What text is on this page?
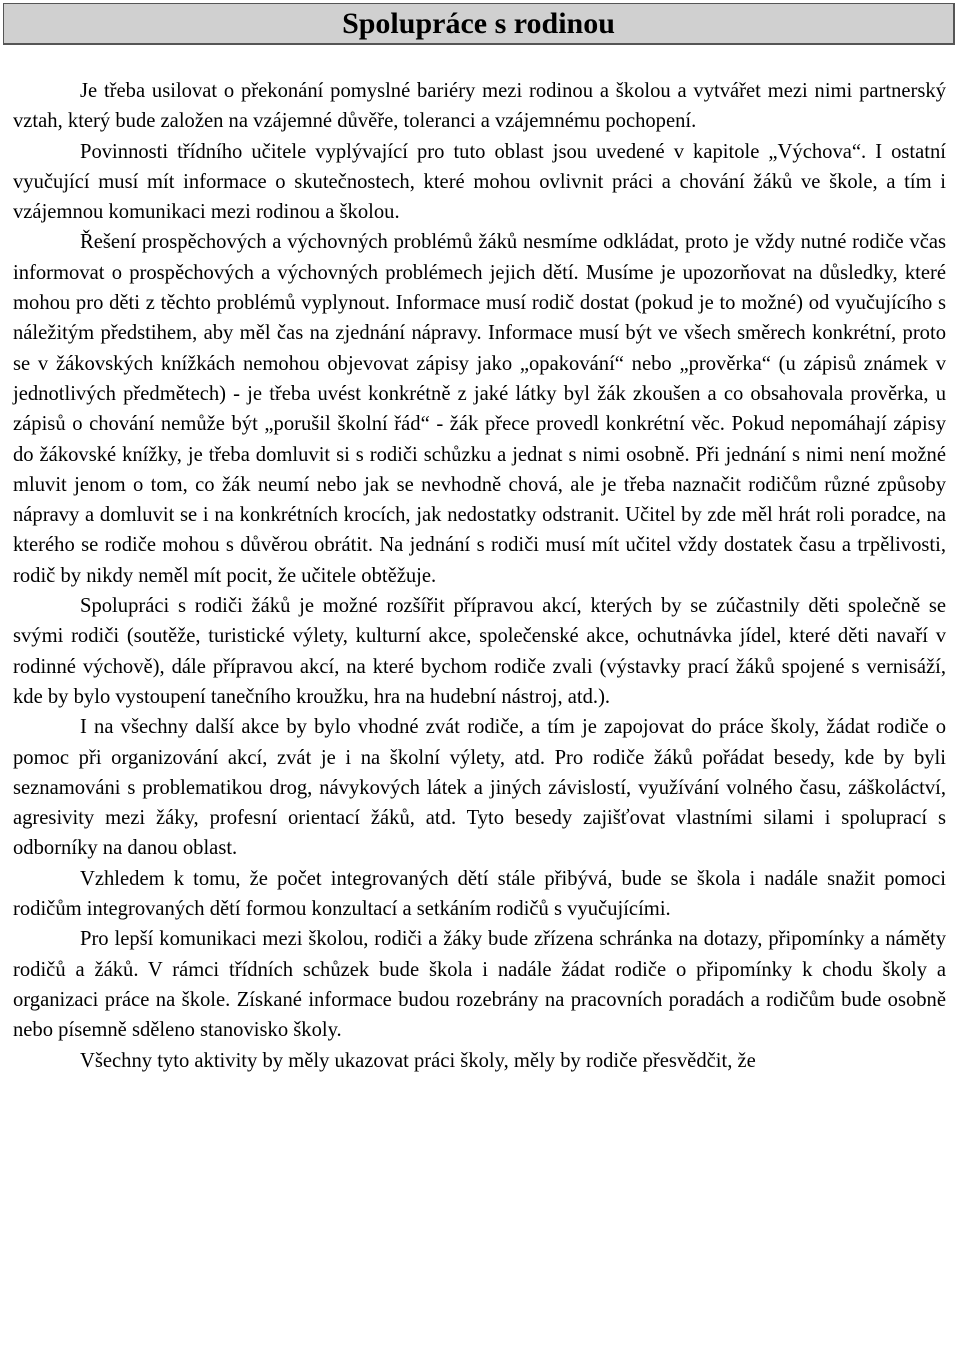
Spolupráce s rodinou

Je třeba usilovat o překonání pomyslné bariéry mezi rodinou a školou a vytvářet mezi nimi partnerský vztah, který bude založen na vzájemné důvěře, toleranci a vzájemnému pochopení.

Povinnosti třídního učitele vyplývající pro tuto oblast jsou uvedené v kapitole „Výchova“. I ostatní vyučující musí mít informace o skutečnostech, které mohou ovlivnit práci a chování žáků ve škole, a tím i vzájemnou komunikaci mezi rodinou a školou.

Řešení prospěchových a výchovných problémů žáků nesmíme odkládat, proto je vždy nutné rodiče včas informovat o prospěchových a výchovných problémech jejich dětí. Musíme je upozorňovat na důsledky, které mohou pro děti z těchto problémů vyplynout. Informace musí rodič dostat (pokud je to možné) od vyučujícího s náležitým předstihem, aby měl čas na zjednání nápravy. Informace musí být ve všech směrech konkrétní, proto se v žákovských knížkách nemohou objevovat zápisy jako „opakování“ nebo „prověrka“ (u zápisů známek v jednotlivých předmětech) - je třeba uvést konkrétně z jaké látky byl žák zkoušen a co obsahovala prověrka, u zápisů o chování nemůže být „porušil školní řád“ - žák přece provedl konkrétní věc. Pokud nepomáhají zápisy do žákovské knížky, je třeba domluvit si s rodiči schůzku a jednat s nimi osobně. Při jednání s nimi není možné mluvit jenom o tom, co žák neumí nebo jak se nevhodně chová, ale je třeba naznačit rodičům různé způsoby nápravy a domluvit se i na konkrétních krocích, jak nedostatky odstranit. Učitel by zde měl hrát roli poradce, na kterého se rodiče mohou s důvěrou obrátit. Na jednání s rodiči musí mít učitel vždy dostatek času a trpělivosti, rodič by nikdy neměl mít pocit, že učitele obtěžuje.

Spolupráci s rodiči žáků je možné rozšířit přípravou akcí, kterých by se zúčastnily děti společně se svými rodiči (soutěže, turistické výlety, kulturní akce, společenské akce, ochutnávka jídel, které děti navaří v rodinné výchově), dále přípravou akcí, na které bychom rodiče zvali (výstavky prací žáků spojené s vernisáží, kde by bylo vystoupení tanečního kroužku, hra na hudební nástroj, atd.).

I na všechny další akce by bylo vhodné zvát rodiče, a tím je zapojovat do práce školy, žádat rodiče o pomoc při organizování akcí, zvát je i na školní výlety, atd. Pro rodiče žáků pořádat besedy, kde by byli seznamováni s problematikou drog, návykových látek a jiných závislostí, využívání volného času, záškoláctví, agresivity mezi žáky, profesní orientací žáků, atd. Tyto besedy zajišťovat vlastními silami i spoluprací s odborníky na danou oblast.

Vzhledem k tomu, že počet integrovaných dětí stále přibývá, bude se škola i nadále snažit pomoci rodičům integrovaných dětí formou konzultací a setkáním rodičů s vyučujícími.

Pro lepší komunikaci mezi školou, rodiči a žáky bude zřízena schránka na dotazy, připomínky a náměty rodičů a žáků. V rámci třídních schůzek bude škola i nadále žádat rodiče o připomínky k chodu školy a organizaci práce na škole. Získané informace budou rozebrány na pracovních poradách a rodičům bude osobně nebo písemně sděleno stanovisko školy.

Všechny tyto aktivity by měly ukazovat práci školy, měly by rodiče přesvědčit, že
